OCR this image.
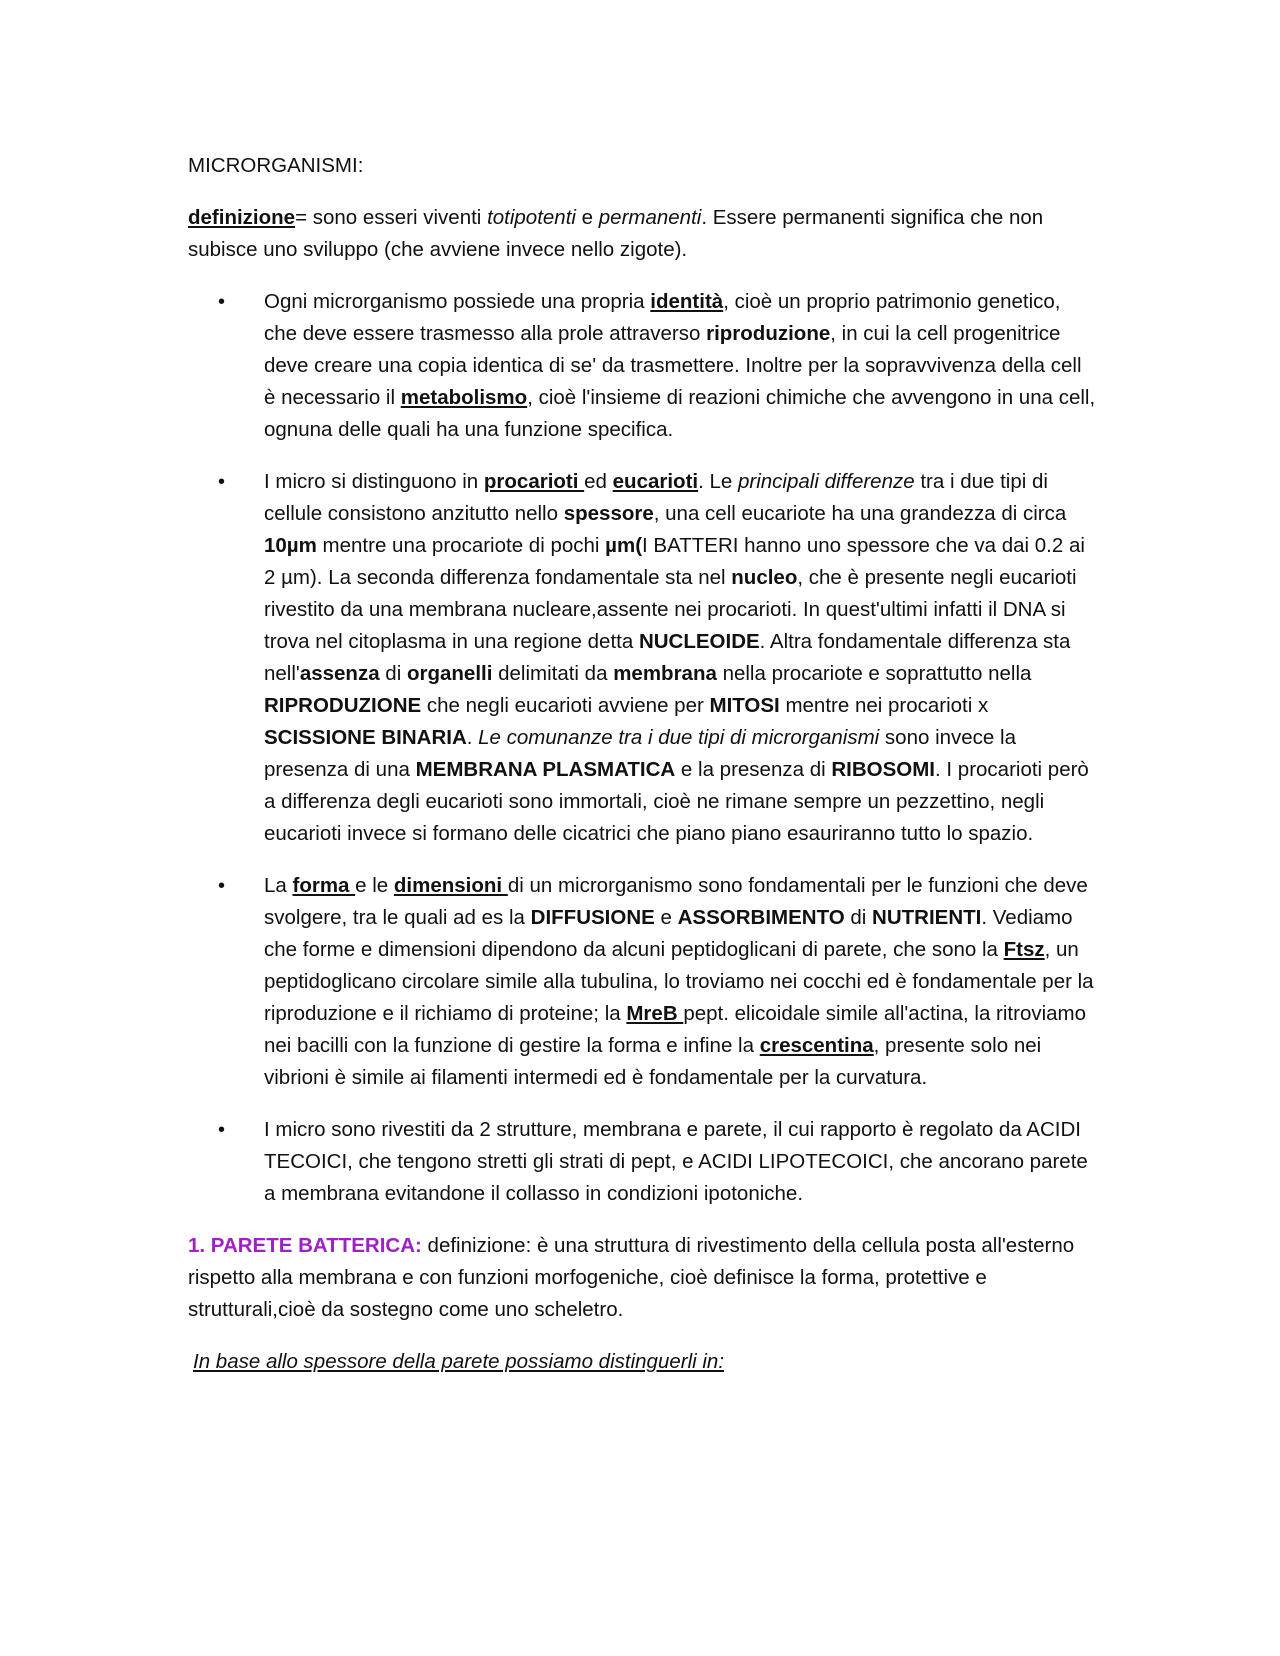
MICRORGANISMI:

definizione= sono esseri viventi totipotenti e permanenti. Essere permanenti significa che non subisce uno sviluppo (che avviene invece nello zigote).

• Ogni microrganismo possiede una propria identità, cioè un proprio patrimonio genetico, che deve essere trasmesso alla prole attraverso riproduzione, in cui la cell progenitrice deve creare una copia identica di se' da trasmettere. Inoltre per la sopravvivenza della cell è necessario il metabolismo, cioè l'insieme di reazioni chimiche che avvengono in una cell, ognuna delle quali ha una funzione specifica.
• I micro si distinguono in procarioti ed eucarioti. Le principali differenze tra i due tipi di cellule consistono anzitutto nello spessore, una cell eucariote ha una grandezza di circa 10µm mentre una procariote di pochi µm(I BATTERI hanno uno spessore che va dai 0.2 ai 2 µm). La seconda differenza fondamentale sta nel nucleo, che è presente negli eucarioti rivestito da una membrana nucleare,assente nei procarioti. In quest'ultimi infatti il DNA si trova nel citoplasma in una regione detta NUCLEOIDE. Altra fondamentale differenza sta nell'assenza di organelli delimitati da membrana nella procariote e soprattutto nella RIPRODUZIONE che negli eucarioti avviene per MITOSI mentre nei procarioti x SCISSIONE BINARIA. Le comunanze tra i due tipi di microrganismi sono invece la presenza di una MEMBRANA PLASMATICA e la presenza di RIBOSOMI. I procarioti però a differenza degli eucarioti sono immortali, cioè ne rimane sempre un pezzettino, negli eucarioti invece si formano delle cicatrici che piano piano esauriranno tutto lo spazio.
• La forma e le dimensioni di un microrganismo sono fondamentali per le funzioni che deve svolgere, tra le quali ad es la DIFFUSIONE e ASSORBIMENTO di NUTRIENTI. Vediamo che forme e dimensioni dipendono da alcuni peptidoglicani di parete, che sono la Ftsz, un peptidoglicano circolare simile alla tubulina, lo troviamo nei cocchi ed è fondamentale per la riproduzione e il richiamo di proteine; la MreB pept. elicoidale simile all'actina, la ritroviamo nei bacilli con la funzione di gestire la forma e infine la crescentina, presente solo nei vibrioni è simile ai filamenti intermedi ed è fondamentale per la curvatura.
• I micro sono rivestiti da 2 strutture, membrana e parete, il cui rapporto è regolato da ACIDI TECOICI, che tengono stretti gli strati di pept, e ACIDI LIPOTECOICI, che ancorano parete a membrana evitandone il collasso in condizioni ipotoniche.

1. PARETE BATTERICA: definizione: è una struttura di rivestimento della cellula posta all'esterno rispetto alla membrana e con funzioni morfogeniche, cioè definisce la forma, protettive e strutturali,cioè da sostegno come uno scheletro.

In base allo spessore della parete possiamo distinguerli in:
